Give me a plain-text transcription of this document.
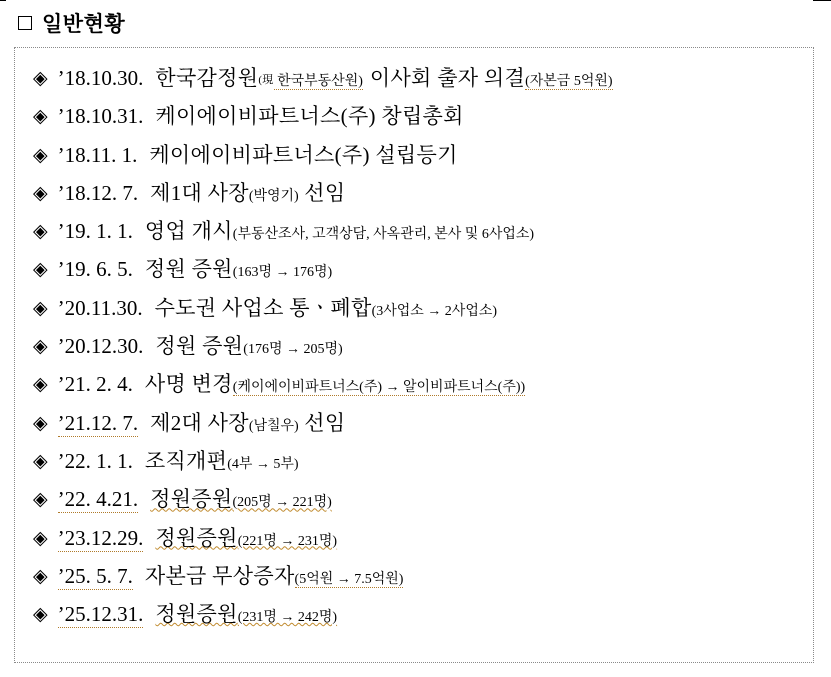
일반현황
◈ ’18.10.30. 한국감정원(現 한국부동산원) 이사회 출자 의결(자본금 5억원)
◈ ’18.10.31. 케이에이비파트너스(주) 창립총회
◈ ’18.11. 1. 케이에이비파트너스(주) 설립등기
◈ ’18.12. 7. 제1대 사장(박영기) 선임
◈ ’19. 1. 1. 영업 개시(부동산조사, 고객상담, 사옥관리, 본사 및 6사업소)
◈ ’19. 6. 5. 정원 증원(163명 → 176명)
◈ ’20.11.30. 수도권 사업소 통ㆍ폐합(3사업소 → 2사업소)
◈ ’20.12.30. 정원 증원(176명 → 205명)
◈ ’21. 2. 4. 사명 변경(케이에이비파트너스(주) → 알이비파트너스(주))
◈ ’21.12. 7. 제2대 사장(남칠우) 선임
◈ ’22. 1. 1. 조직개편(4부 → 5부)
◈ ’22. 4.21. 정원증원(205명 → 221명)
◈ ’23.12.29. 정원증원(221명 → 231명)
◈ ’25. 5. 7. 자본금 무상증자(5억원 → 7.5억원)
◈ ’25.12.31. 정원증원(231명 → 242명)
